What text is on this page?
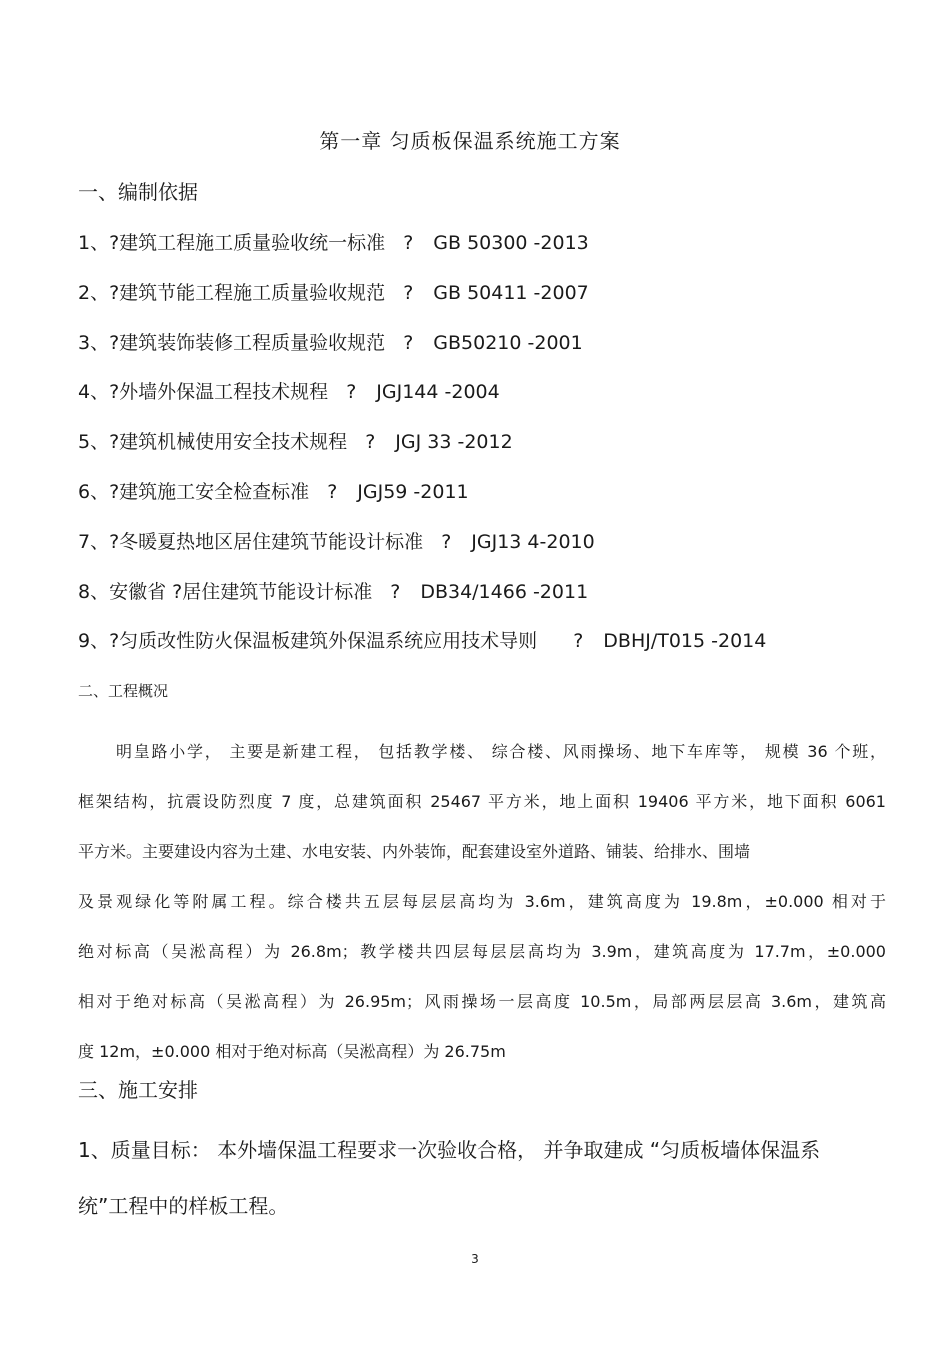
第一章 匀质板保温系统施工方案
一、编制依据
1、?建筑工程施工质量验收统一标准 ? GB 50300 -2013
2、?建筑节能工程施工质量验收规范 ? GB 50411 -2007
3、?建筑装饰装修工程质量验收规范 ? GB50210 -2001
4、?外墙外保温工程技术规程 ? JGJ144 -2004
5、?建筑机械使用安全技术规程 ? JGJ 33 -2012
6、?建筑施工安全检查标准 ? JGJ59 -2011
7、?冬暖夏热地区居住建筑节能设计标准 ? JGJ13 4-2010
8、安徽省 ?居住建筑节能设计标准 ? DB34/1466 -2011
9、?匀质改性防火保温板建筑外保温系统应用技术导则 ? DBHJ/T015 -2014
二、工程概况
明皇路小学， 主要是新建工程， 包括教学楼、 综合楼、风雨操场、地下车库等， 规模 36 个班，
框架结构，抗震设防烈度 7 度，总建筑面积 25467 平方米，地上面积 19406 平方米，地下面积 6061
平方米。主要建设内容为土建、水电安装、内外装饰，配套建设室外道路、铺装、给排水、围墙
及景观绿化等附属工程。综合楼共五层每层层高均为 3.6m，建筑高度为 19.8m，±0.000 相对于
绝对标高（吴淞高程）为 26.8m；教学楼共四层每层层高均为 3.9m，建筑高度为 17.7m，±0.000
相对于绝对标高（吴淞高程）为 26.95m；风雨操场一层高度 10.5m，局部两层层高 3.6m，建筑高
度 12m，±0.000 相对于绝对标高（吴淞高程）为 26.75m
三、施工安排
1、质量目标： 本外墙保温工程要求一次验收合格， 并争取建成 “匀质板墙体保温系
统”工程中的样板工程。
3
